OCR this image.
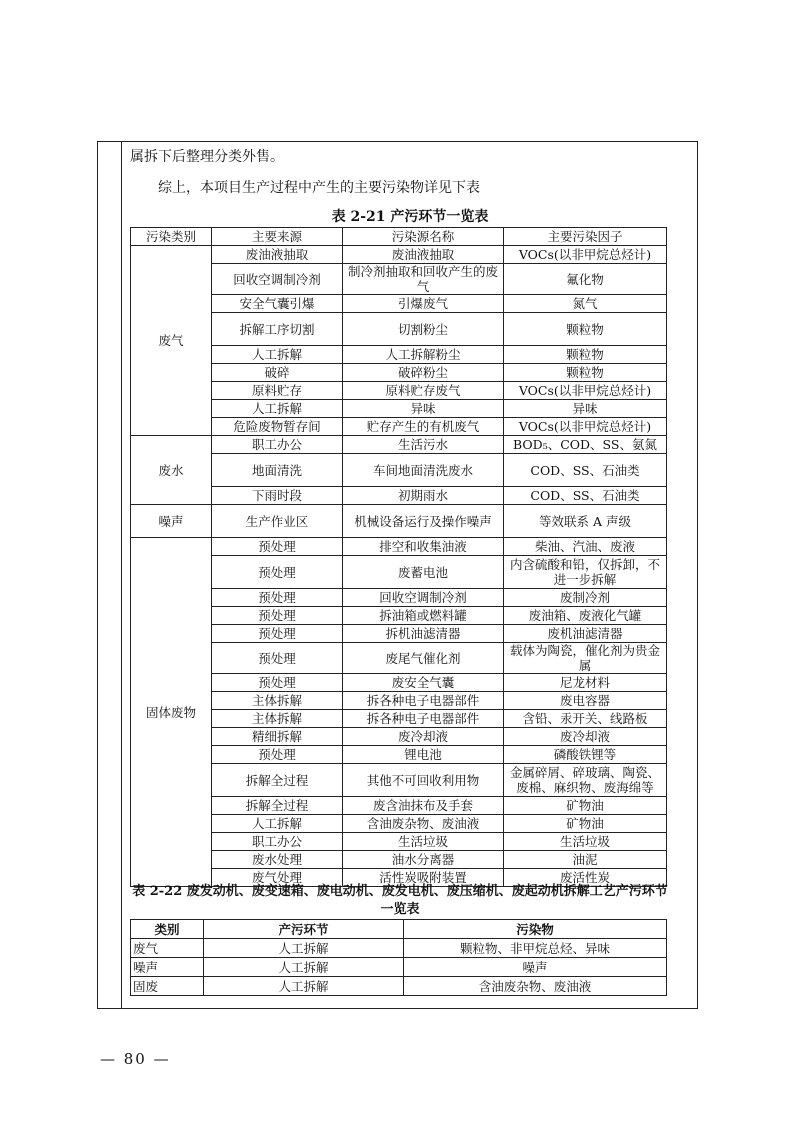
属拆下后整理分类外售。
综上，本项目生产过程中产生的主要污染物详见下表
表 2-21 产污环节一览表
污染类别	主要来源	污染源名称	主要污染因子
废气	废油液抽取	废油液抽取	VOCs(以非甲烷总烃计)
	回收空调制冷剂	制冷剂抽取和回收产生的废气	氟化物
	安全气囊引爆	引爆废气	氮气
	拆解工序切割	切割粉尘	颗粒物
	人工拆解	人工拆解粉尘	颗粒物
	破碎	破碎粉尘	颗粒物
	原料贮存	原料贮存废气	VOCs(以非甲烷总烃计)
	人工拆解	异味	异味
	危险废物暂存间	贮存产生的有机废气	VOCs(以非甲烷总烃计)
废水	职工办公	生活污水	BOD₅、COD、SS、氨氮
	地面清洗	车间地面清洗废水	COD、SS、石油类
	下雨时段	初期雨水	COD、SS、石油类
噪声	生产作业区	机械设备运行及操作噪声	等效联系 A 声级
固体废物	预处理	排空和收集油液	柴油、汽油、废液
	预处理	废蓄电池	内含硫酸和铅，仅拆卸，不进一步拆解
	预处理	回收空调制冷剂	废制冷剂
	预处理	拆油箱或燃料罐	废油箱、废液化气罐
	预处理	拆机油滤清器	废机油滤清器
	预处理	废尾气催化剂	载体为陶瓷，催化剂为贵金属
	预处理	废安全气囊	尼龙材料
	主体拆解	拆各种电子电器部件	废电容器
	主体拆解	拆各种电子电器部件	含铅、汞开关、线路板
	精细拆解	废冷却液	废冷却液
	预处理	锂电池	磷酸铁锂等
	拆解全过程	其他不可回收利用物	金属碎屑、碎玻璃、陶瓷、废棉、麻织物、废海绵等
	拆解全过程	废含油抹布及手套	矿物油
	人工拆解	含油废杂物、废油液	矿物油
	职工办公	生活垃圾	生活垃圾
	废水处理	油水分离器	油泥
	废气处理	活性炭吸附装置	废活性炭
表 2-22 废发动机、废变速箱、废电动机、废发电机、废压缩机、废起动机拆解工艺产污环节一览表
类别	产污环节	污染物
废气	人工拆解	颗粒物、非甲烷总烃、异味
噪声	人工拆解	噪声
固废	人工拆解	含油废杂物、废油液
— 80 —
